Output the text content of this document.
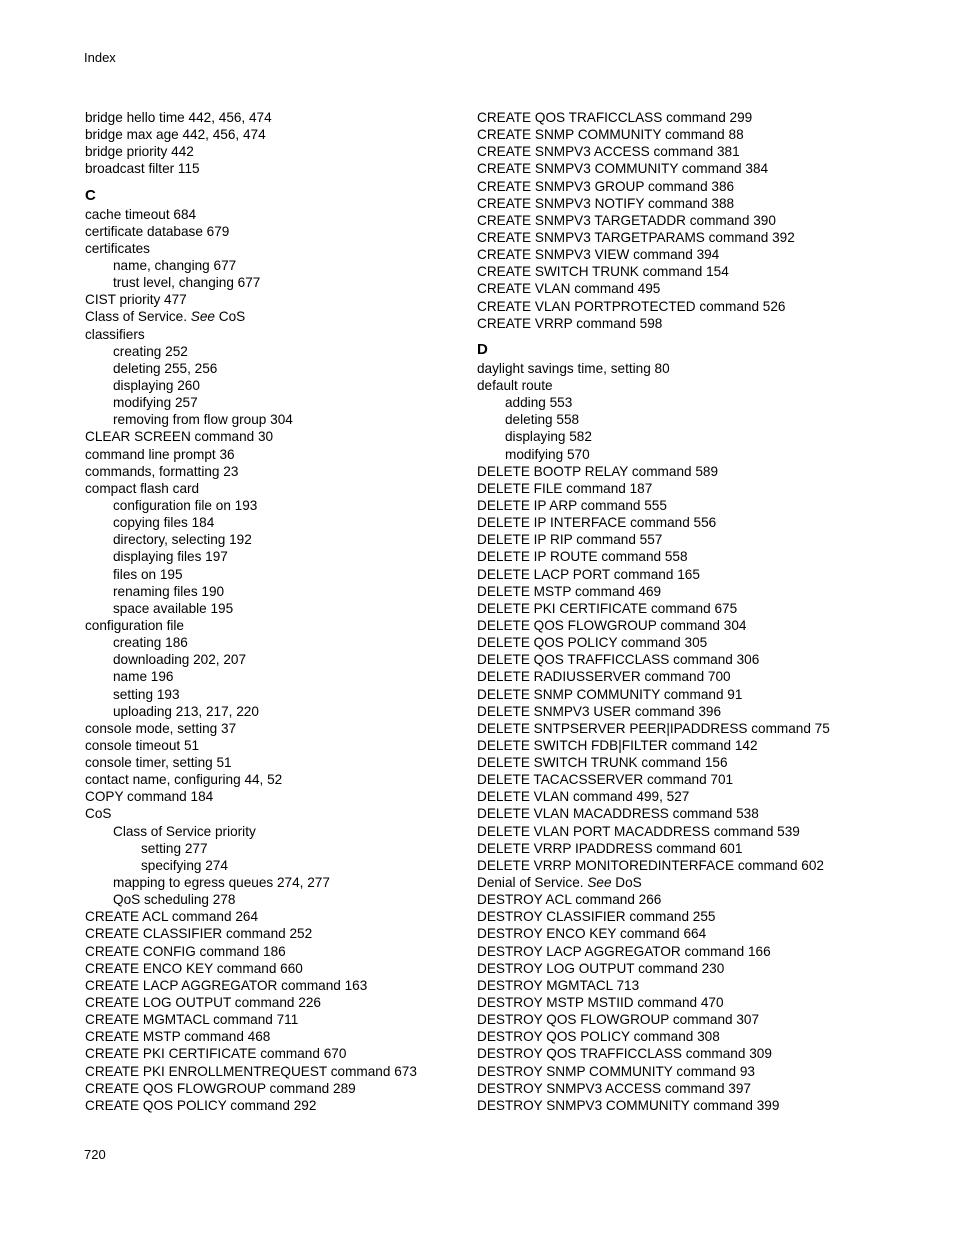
Index
bridge hello time 442, 456, 474
bridge max age 442, 456, 474
bridge priority 442
broadcast filter 115
C
cache timeout 684
certificate database 679
certificates
name, changing 677
trust level, changing 677
CIST priority 477
Class of Service. See CoS
classifiers
creating 252
deleting 255, 256
displaying 260
modifying 257
removing from flow group 304
CLEAR SCREEN command 30
command line prompt 36
commands, formatting 23
compact flash card
configuration file on 193
copying files 184
directory, selecting 192
displaying files 197
files on 195
renaming files 190
space available 195
configuration file
creating 186
downloading 202, 207
name 196
setting 193
uploading 213, 217, 220
console mode, setting 37
console timeout 51
console timer, setting 51
contact name, configuring 44, 52
COPY command 184
CoS
Class of Service priority
setting 277
specifying 274
mapping to egress queues 274, 277
QoS scheduling 278
CREATE ACL command 264
CREATE CLASSIFIER command 252
CREATE CONFIG command 186
CREATE ENCO KEY command 660
CREATE LACP AGGREGATOR command 163
CREATE LOG OUTPUT command 226
CREATE MGMTACL command 711
CREATE MSTP command 468
CREATE PKI CERTIFICATE command 670
CREATE PKI ENROLLMENTREQUEST command 673
CREATE QOS FLOWGROUP command 289
CREATE QOS POLICY command 292
CREATE QOS TRAFICCLASS command 299
CREATE SNMP COMMUNITY command 88
CREATE SNMPV3 ACCESS command 381
CREATE SNMPV3 COMMUNITY command 384
CREATE SNMPV3 GROUP command 386
CREATE SNMPV3 NOTIFY command 388
CREATE SNMPV3 TARGETADDR command 390
CREATE SNMPV3 TARGETPARAMS command 392
CREATE SNMPV3 VIEW command 394
CREATE SWITCH TRUNK command 154
CREATE VLAN command 495
CREATE VLAN PORTPROTECTED command 526
CREATE VRRP command 598
D
daylight savings time, setting 80
default route
adding 553
deleting 558
displaying 582
modifying 570
DELETE BOOTP RELAY command 589
DELETE FILE command 187
DELETE IP ARP command 555
DELETE IP INTERFACE command 556
DELETE IP RIP command 557
DELETE IP ROUTE command 558
DELETE LACP PORT command 165
DELETE MSTP command 469
DELETE PKI CERTIFICATE command 675
DELETE QOS FLOWGROUP command 304
DELETE QOS POLICY command 305
DELETE QOS TRAFFICCLASS command 306
DELETE RADIUSSERVER command 700
DELETE SNMP COMMUNITY command 91
DELETE SNMPV3 USER command 396
DELETE SNTPSERVER PEER|IPADDRESS command 75
DELETE SWITCH FDB|FILTER command 142
DELETE SWITCH TRUNK command 156
DELETE TACACSSERVER command 701
DELETE VLAN command 499, 527
DELETE VLAN MACADDRESS command 538
DELETE VLAN PORT MACADDRESS command 539
DELETE VRRP IPADDRESS command 601
DELETE VRRP MONITOREDINTERFACE command 602
Denial of Service. See DoS
DESTROY ACL command 266
DESTROY CLASSIFIER command 255
DESTROY ENCO KEY command 664
DESTROY LACP AGGREGATOR command 166
DESTROY LOG OUTPUT command 230
DESTROY MGMTACL 713
DESTROY MSTP MSTIID command 470
DESTROY QOS FLOWGROUP command 307
DESTROY QOS POLICY command 308
DESTROY QOS TRAFFICCLASS command 309
DESTROY SNMP COMMUNITY command 93
DESTROY SNMPV3 ACCESS command 397
DESTROY SNMPV3 COMMUNITY command 399
720
